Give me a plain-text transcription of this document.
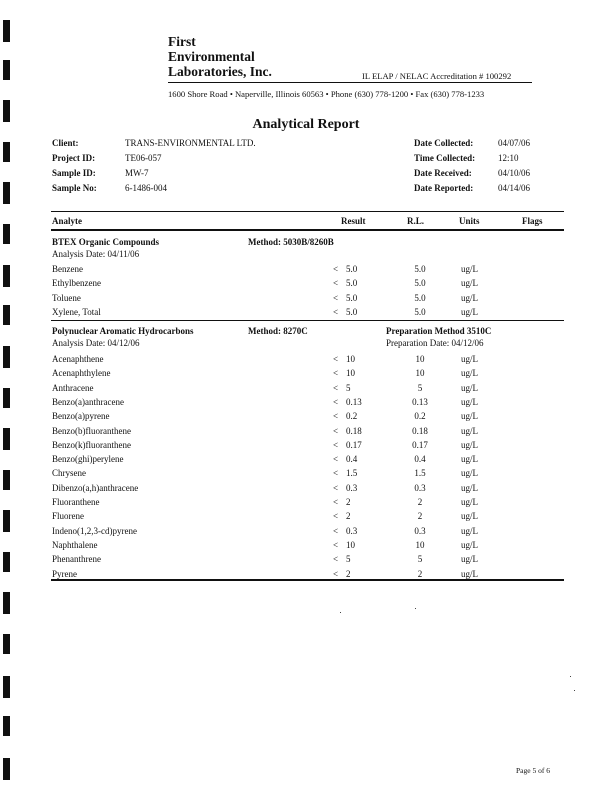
First
Environmental
Laboratories, Inc.	IL ELAP / NELAC Accreditation # 100292
1600 Shore Road • Naperville, Illinois 60563 • Phone (630) 778-1200 • Fax (630) 778-1233
Analytical Report
Client:	TRANS-ENVIRONMENTAL LTD.
Project ID:	TE06-057
Sample ID:	MW-7
Sample No:	6-1486-004
Date Collected:	04/07/06
Time Collected:	12:10
Date Received:	04/10/06
Date Reported:	04/14/06
Analyte	Result	R.L.	Units	Flags
BTEX Organic Compounds	Method: 5030B/8260B
Analysis Date: 04/11/06
Benzene	< 5.0	5.0	ug/L
Ethylbenzene	< 5.0	5.0	ug/L
Toluene	< 5.0	5.0	ug/L
Xylene, Total	< 5.0	5.0	ug/L
Polynuclear Aromatic Hydrocarbons	Method: 8270C	Preparation Method 3510C
Analysis Date: 04/12/06	Preparation Date: 04/12/06
Acenaphthene	< 10	10	ug/L
Acenaphthylene	< 10	10	ug/L
Anthracene	< 5	5	ug/L
Benzo(a)anthracene	< 0.13	0.13	ug/L
Benzo(a)pyrene	< 0.2	0.2	ug/L
Benzo(b)fluoranthene	< 0.18	0.18	ug/L
Benzo(k)fluoranthene	< 0.17	0.17	ug/L
Benzo(ghi)perylene	< 0.4	0.4	ug/L
Chrysene	< 1.5	1.5	ug/L
Dibenzo(a,h)anthracene	< 0.3	0.3	ug/L
Fluoranthene	< 2	2	ug/L
Fluorene	< 2	2	ug/L
Indeno(1,2,3-cd)pyrene	< 0.3	0.3	ug/L
Naphthalene	< 10	10	ug/L
Phenanthrene	< 5	5	ug/L
Pyrene	< 2	2	ug/L
Page 5 of 6
